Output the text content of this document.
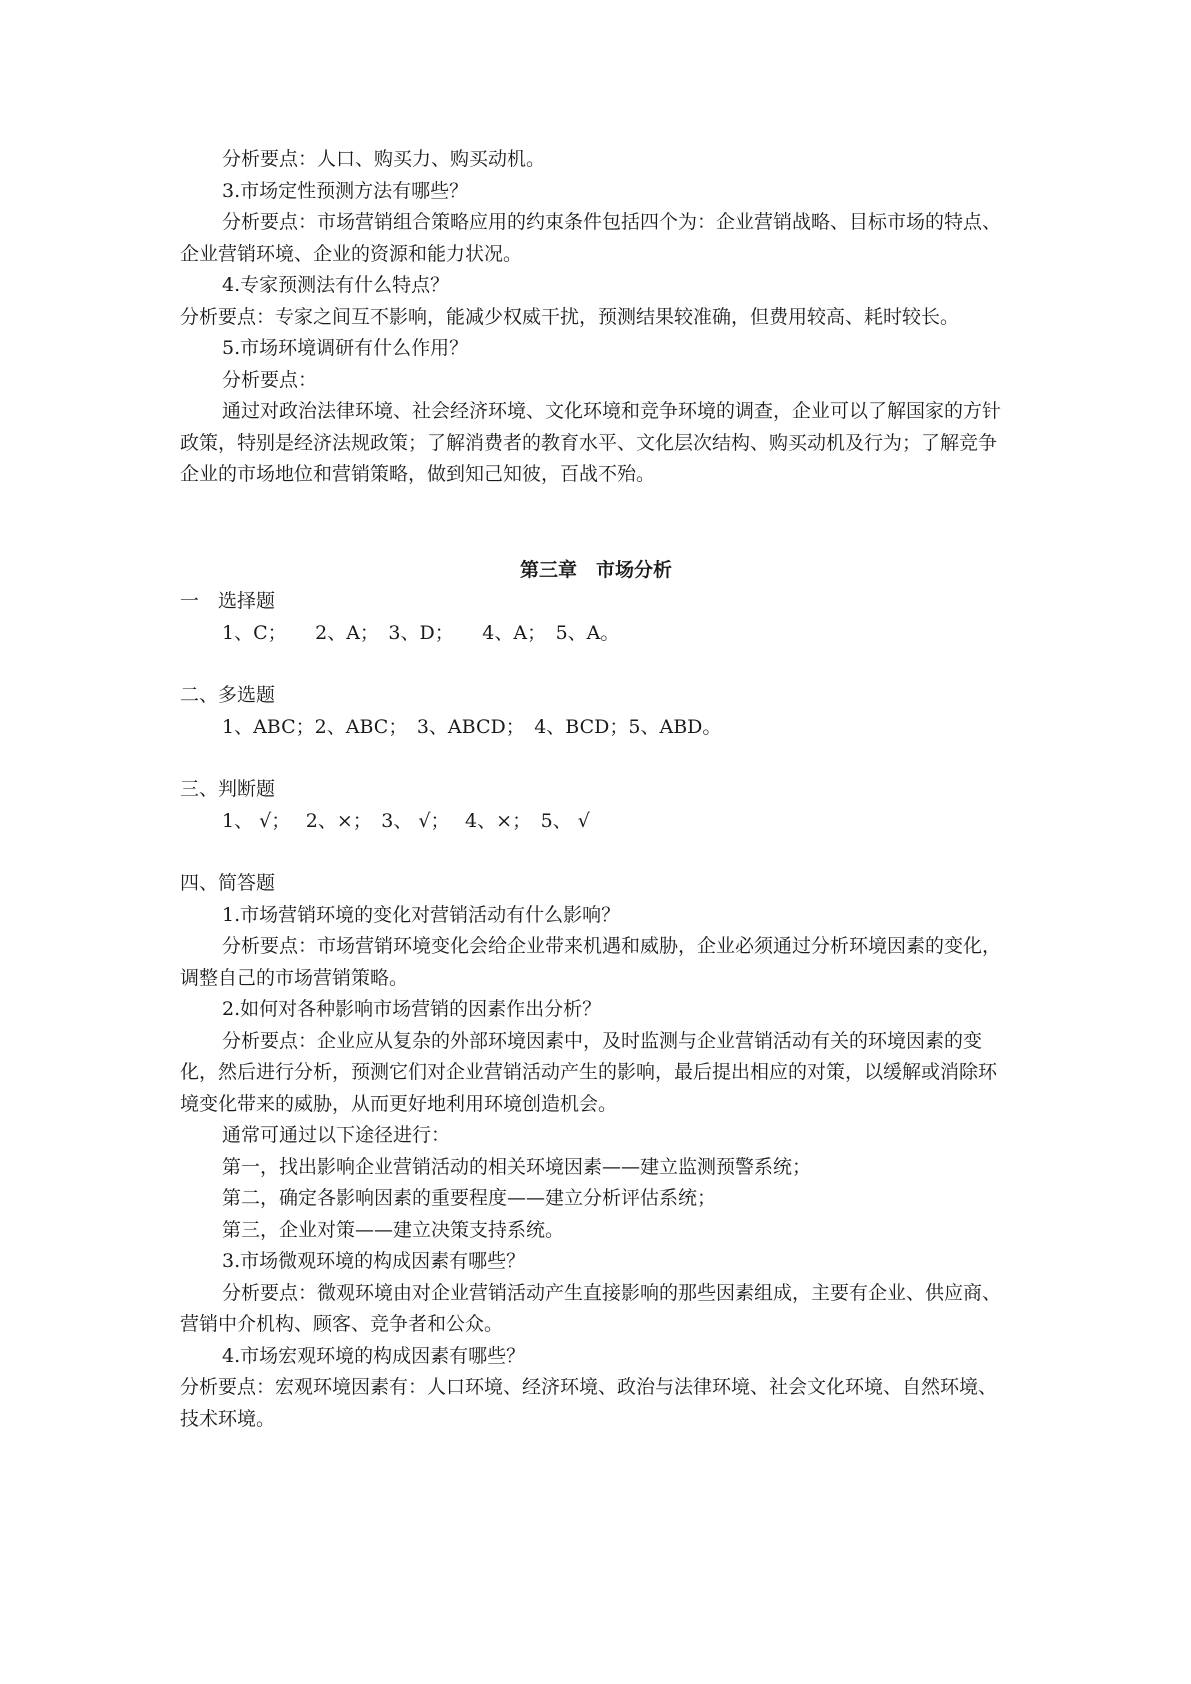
分析要点：人口、购买力、购买动机。

3.市场定性预测方法有哪些？

分析要点：市场营销组合策略应用的约束条件包括四个为：企业营销战略、目标市场的特点、企业营销环境、企业的资源和能力状况。

4.专家预测法有什么特点？

分析要点：专家之间互不影响，能减少权威干扰，预测结果较准确，但费用较高、耗时较长。

5.市场环境调研有什么作用？

分析要点：

通过对政治法律环境、社会经济环境、文化环境和竞争环境的调查，企业可以了解国家的方针政策，特别是经济法规政策；了解消费者的教育水平、文化层次结构、购买动机及行为；了解竞争企业的市场地位和营销策略，做到知己知彼，百战不殆。

第三章　市场分析

一　选择题

1、C；　　2、A；　3、D；　　4、A；　5、A。

二、多选题

1、ABC；2、ABC；　3、ABCD；　4、BCD；5、ABD。

三、判断题

1、 √；　 2、×；　3、 √；　 4、×；　5、 √

四、简答题

1.市场营销环境的变化对营销活动有什么影响？

分析要点：市场营销环境变化会给企业带来机遇和威胁，企业必须通过分析环境因素的变化，调整自己的市场营销策略。

2.如何对各种影响市场营销的因素作出分析？

分析要点：企业应从复杂的外部环境因素中，及时监测与企业营销活动有关的环境因素的变化，然后进行分析，预测它们对企业营销活动产生的影响，最后提出相应的对策，以缓解或消除环境变化带来的威胁，从而更好地利用环境创造机会。

通常可通过以下途径进行：

第一，找出影响企业营销活动的相关环境因素——建立监测预警系统；

第二，确定各影响因素的重要程度——建立分析评估系统；

第三，企业对策——建立决策支持系统。

3.市场微观环境的构成因素有哪些？

分析要点：微观环境由对企业营销活动产生直接影响的那些因素组成，主要有企业、供应商、营销中介机构、顾客、竞争者和公众。

4.市场宏观环境的构成因素有哪些？

分析要点：宏观环境因素有：人口环境、经济环境、政治与法律环境、社会文化环境、自然环境、技术环境。
